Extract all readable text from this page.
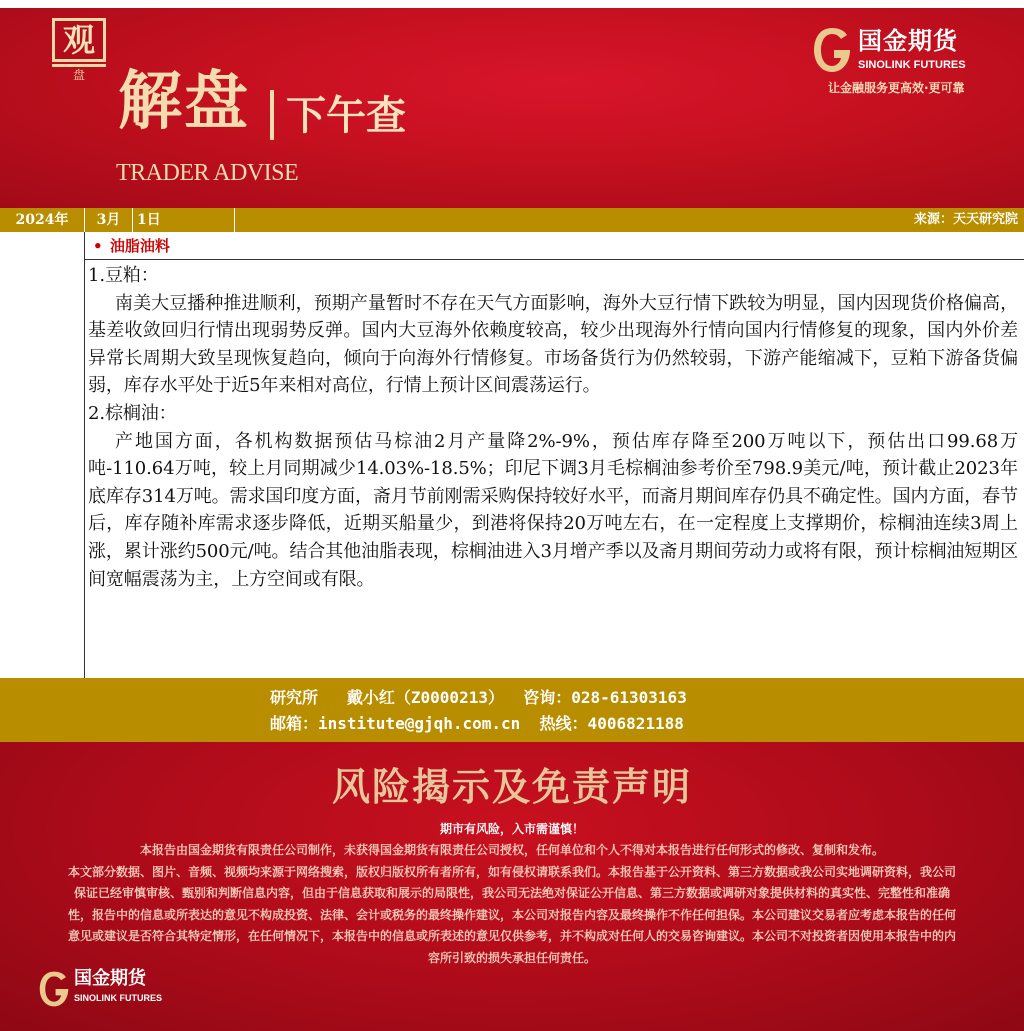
观
盘 解盘 下午查
TRADER ADVISE
国金期货
SINOLINK FUTURES
让金融服务更高效·更可靠
2024年	3月	1日	来源：天天研究院
• 油脂油料
1.豆粕：
南美大豆播种推进顺利，预期产量暂时不存在天气方面影响，海外大豆行情下跌较为明显，国内因现货价格偏高，基差收敛回归行情出现弱势反弹。国内大豆海外依赖度较高，较少出现海外行情向国内行情修复的现象，国内外价差异常长周期大致呈现恢复趋向，倾向于向海外行情修复。市场备货行为仍然较弱，下游产能缩减下，豆粕下游备货偏弱，库存水平处于近5年来相对高位，行情上预计区间震荡运行。
2.棕榈油：
产地国方面，各机构数据预估马棕油2月产量降2%-9%，预估库存降至200万吨以下，预估出口99.68万吨-110.64万吨，较上月同期减少14.03%-18.5%；印尼下调3月毛棕榈油参考价至798.9美元/吨，预计截止2023年底库存314万吨。需求国印度方面，斋月节前刚需采购保持较好水平，而斋月期间库存仍具不确定性。国内方面，春节后，库存随补库需求逐步降低，近期买船量少，到港将保持20万吨左右，在一定程度上支撑期价，棕榈油连续3周上涨，累计涨约500元/吨。结合其他油脂表现，棕榈油进入3月增产季以及斋月期间劳动力或将有限，预计棕榈油短期区间宽幅震荡为主，上方空间或有限。
研究所   戴小红（Z0000213）  咨询：028-61303163
邮箱：institute@gjqh.com.cn  热线：4006821188
风险揭示及免责声明
期市有风险，入市需谨慎！
本报告由国金期货有限责任公司制作，未获得国金期货有限责任公司授权，任何单位和个人不得对本报告进行任何形式的修改、复制和发布。
本文部分数据、图片、音频、视频均来源于网络搜索，版权归版权所有者所有，如有侵权请联系我们。本报告基于公开资料、第三方数据或我公司实地调研资料，我公司保证已经审慎审核、甄别和判断信息内容，但由于信息获取和展示的局限性，我公司无法绝对保证公开信息、第三方数据或调研对象提供材料的真实性、完整性和准确性，报告中的信息或所表达的意见不构成投资、法律、会计或税务的最终操作建议，本公司对报告内容及最终操作不作任何担保。本公司建议交易者应考虑本报告的任何意见或建议是否符合其特定情形，在任何情况下，本报告中的信息或所表述的意见仅供参考，并不构成对任何人的交易咨询建议。本公司不对投资者因使用本报告中的内容所引致的损失承担任何责任。
国金期货
SINOLINK FUTURES
